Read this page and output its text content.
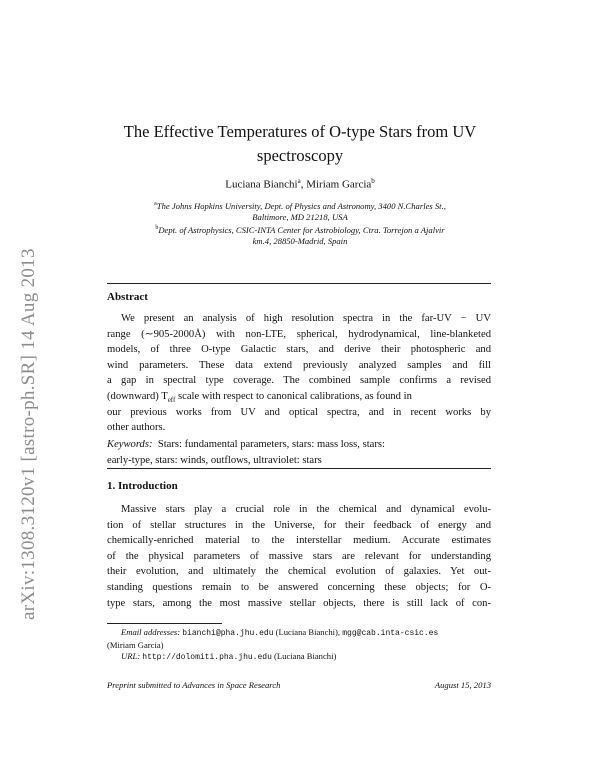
arXiv:1308.3120v1 [astro-ph.SR] 14 Aug 2013
The Effective Temperatures of O-type Stars from UV
spectroscopy
Luciana Bianchi$^a$, Miriam Garcia$^b$
$^a$The Johns Hopkins University, Dept. of Physics and Astronomy, 3400 N.Charles St.,
Baltimore, MD 21218, USA
$^b$Dept. of Astrophysics, CSIC-INTA Center for Astrobiology, Ctra. Torrejon a Ajalvir
km.4, 28850-Madrid, Spain
Abstract
We present an analysis of high resolution spectra in the far-UV − UV
range (∼905-2000Å) with non-LTE, spherical, hydrodynamical, line-blanketed
models, of three O-type Galactic stars, and derive their photospheric and
wind parameters. These data extend previously analyzed samples and fill
a gap in spectral type coverage. The combined sample confirms a revised
(downward) $T_{eff}$ scale with respect to canonical calibrations, as found in
our previous works from UV and optical spectra, and in recent works by
other authors.
Keywords: Stars: fundamental parameters, stars: mass loss, stars:
early-type, stars: winds, outflows, ultraviolet: stars
1. Introduction
Massive stars play a crucial role in the chemical and dynamical evolu-
tion of stellar structures in the Universe, for their feedback of energy and
chemically-enriched material to the interstellar medium. Accurate estimates
of the physical parameters of massive stars are relevant for understanding
their evolution, and ultimately the chemical evolution of galaxies. Yet out-
standing questions remain to be answered concerning these objects; for O-
type stars, among the most massive stellar objects, there is still lack of con-
Email addresses: bianchi@pha.jhu.edu (Luciana Bianchi), mgg@cab.inta-csic.es
(Miriam Garcia)
URL: http://dolomiti.pha.jhu.edu (Luciana Bianchi)
Preprint submitted to Advances in Space Research	August 15, 2013
